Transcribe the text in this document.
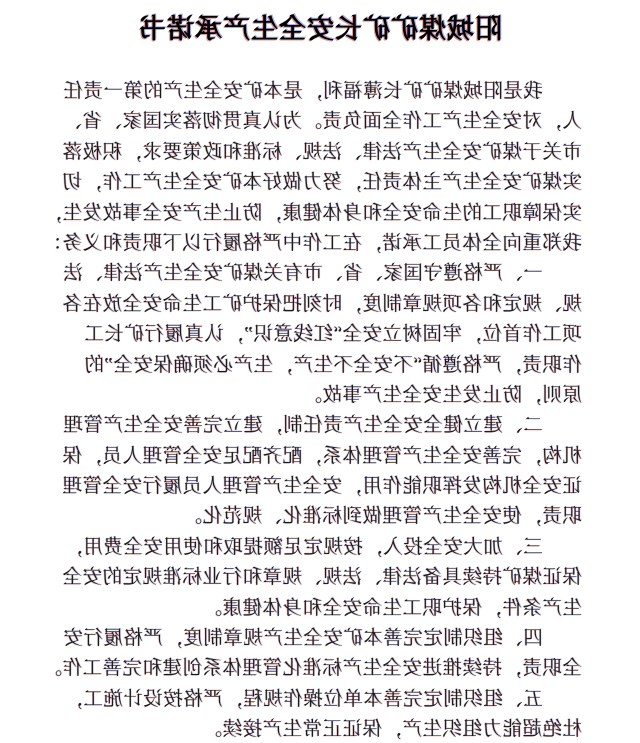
阳城煤矿矿长安全生产承诺书
我是阳城煤矿矿长薄福利，是本矿安全生产的第一责任
人，对安全生产工作全面负责。为认真贯彻落实国家、省、
市关于煤矿安全生产法律、法规、标准和政策要求，积极落
实煤矿安全生产主体责任，努力做好本矿安全生产工作，切
实保障职工的生命安全和身体健康，防止生产安全事故发生，
我郑重向全体员工承诺，在工作中严格履行以下职责和义务：
一、严格遵守国家、省、市有关煤矿安全生产法律、法
规、规定和各项规章制度，时刻把保护矿工生命安全放在各
项工作首位，牢固树立安全“红线意识”，认真履行矿长工
作职责，严格遵循“不安全不生产，生产必须确保安全”的
原则，防止发生安全生产事故。
二、建立健全安全生产责任制，建立完善安全生产管理
机构，完善安全生产管理体系，配齐配足安全管理人员，保
证安全机构发挥职能作用，安全生产管理人员履行安全管理
职责，使安全生产管理做到标准化、规范化。
三、加大安全投入，按规定足额提取和使用安全费用，
保证煤矿持续具备法律、法规、规章和行业标准规定的安全
生产条件，保护职工生命安全和身体健康。
四、组织制定完善本矿安全生产规章制度，严格履行安
全职责，持续推进安全生产标准化管理体系创建和完善工作。
五、组织制定完善本单位操作规程，严格按设计施工，
杜绝超能力组织生产，保证正常生产接续。
